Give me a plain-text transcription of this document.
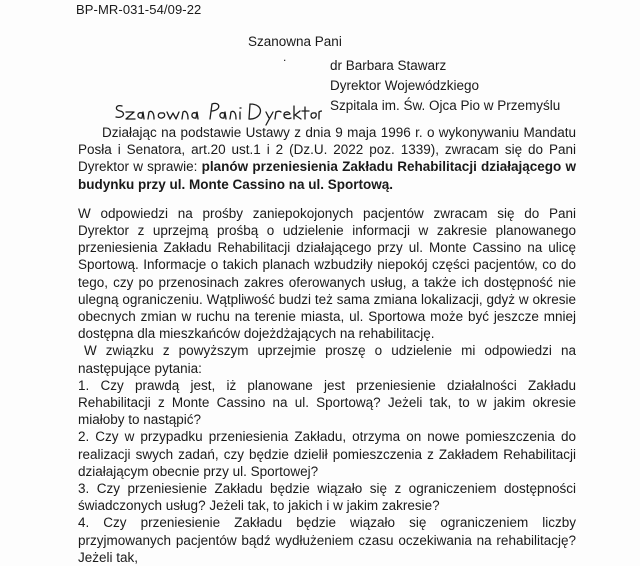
BP-MR-031-54/09-22
Szanowna Pani
.
dr Barbara Stawarz
Dyrektor Wojewódzkiego
Szpitala im. Św. Ojca Pio w Przemyślu

Działając na podstawie Ustawy z dnia 9 maja 1996 r. o wykonywaniu Mandatu Posła i Senatora, art.20 ust.1 i 2 (Dz.U. 2022 poz. 1339), zwracam się do Pani Dyrektor w sprawie: planów przeniesienia Zakładu Rehabilitacji działającego w budynku przy ul. Monte Cassino na ul. Sportową.

W odpowiedzi na prośby zaniepokojonych pacjentów zwracam się do Pani Dyrektor z uprzejmą prośbą o udzielenie informacji w zakresie planowanego przeniesienia Zakładu Rehabilitacji działającego przy ul. Monte Cassino na ulicę Sportową. Informacje o takich planach wzbudziły niepokój części pacjentów, co do tego, czy po przenosinach zakres oferowanych usług, a także ich dostępność nie ulegną ograniczeniu. Wątpliwość budzi też sama zmiana lokalizacji, gdyż w okresie obecnych zmian w ruchu na terenie miasta, ul. Sportowa może być jeszcze mniej dostępna dla mieszkańców dojeżdżających na rehabilitację.

W związku z powyższym uprzejmie proszę o udzielenie mi odpowiedzi na następujące pytania:

1. Czy prawdą jest, iż planowane jest przeniesienie działalności Zakładu Rehabilitacji z Monte Cassino na ul. Sportową? Jeżeli tak, to w jakim okresie miałoby to nastąpić?

2. Czy w przypadku przeniesienia Zakładu, otrzyma on nowe pomieszczenia do realizacji swych zadań, czy będzie dzielił pomieszczenia z Zakładem Rehabilitacji działającym obecnie przy ul. Sportowej?

3. Czy przeniesienie Zakładu będzie wiązało się z ograniczeniem dostępności świadczonych usług? Jeżeli tak, to jakich i w jakim zakresie?

4. Czy przeniesienie Zakładu będzie wiązało się ograniczeniem liczby przyjmowanych pacjentów bądź wydłużeniem czasu oczekiwania na rehabilitację? Jeżeli tak,
